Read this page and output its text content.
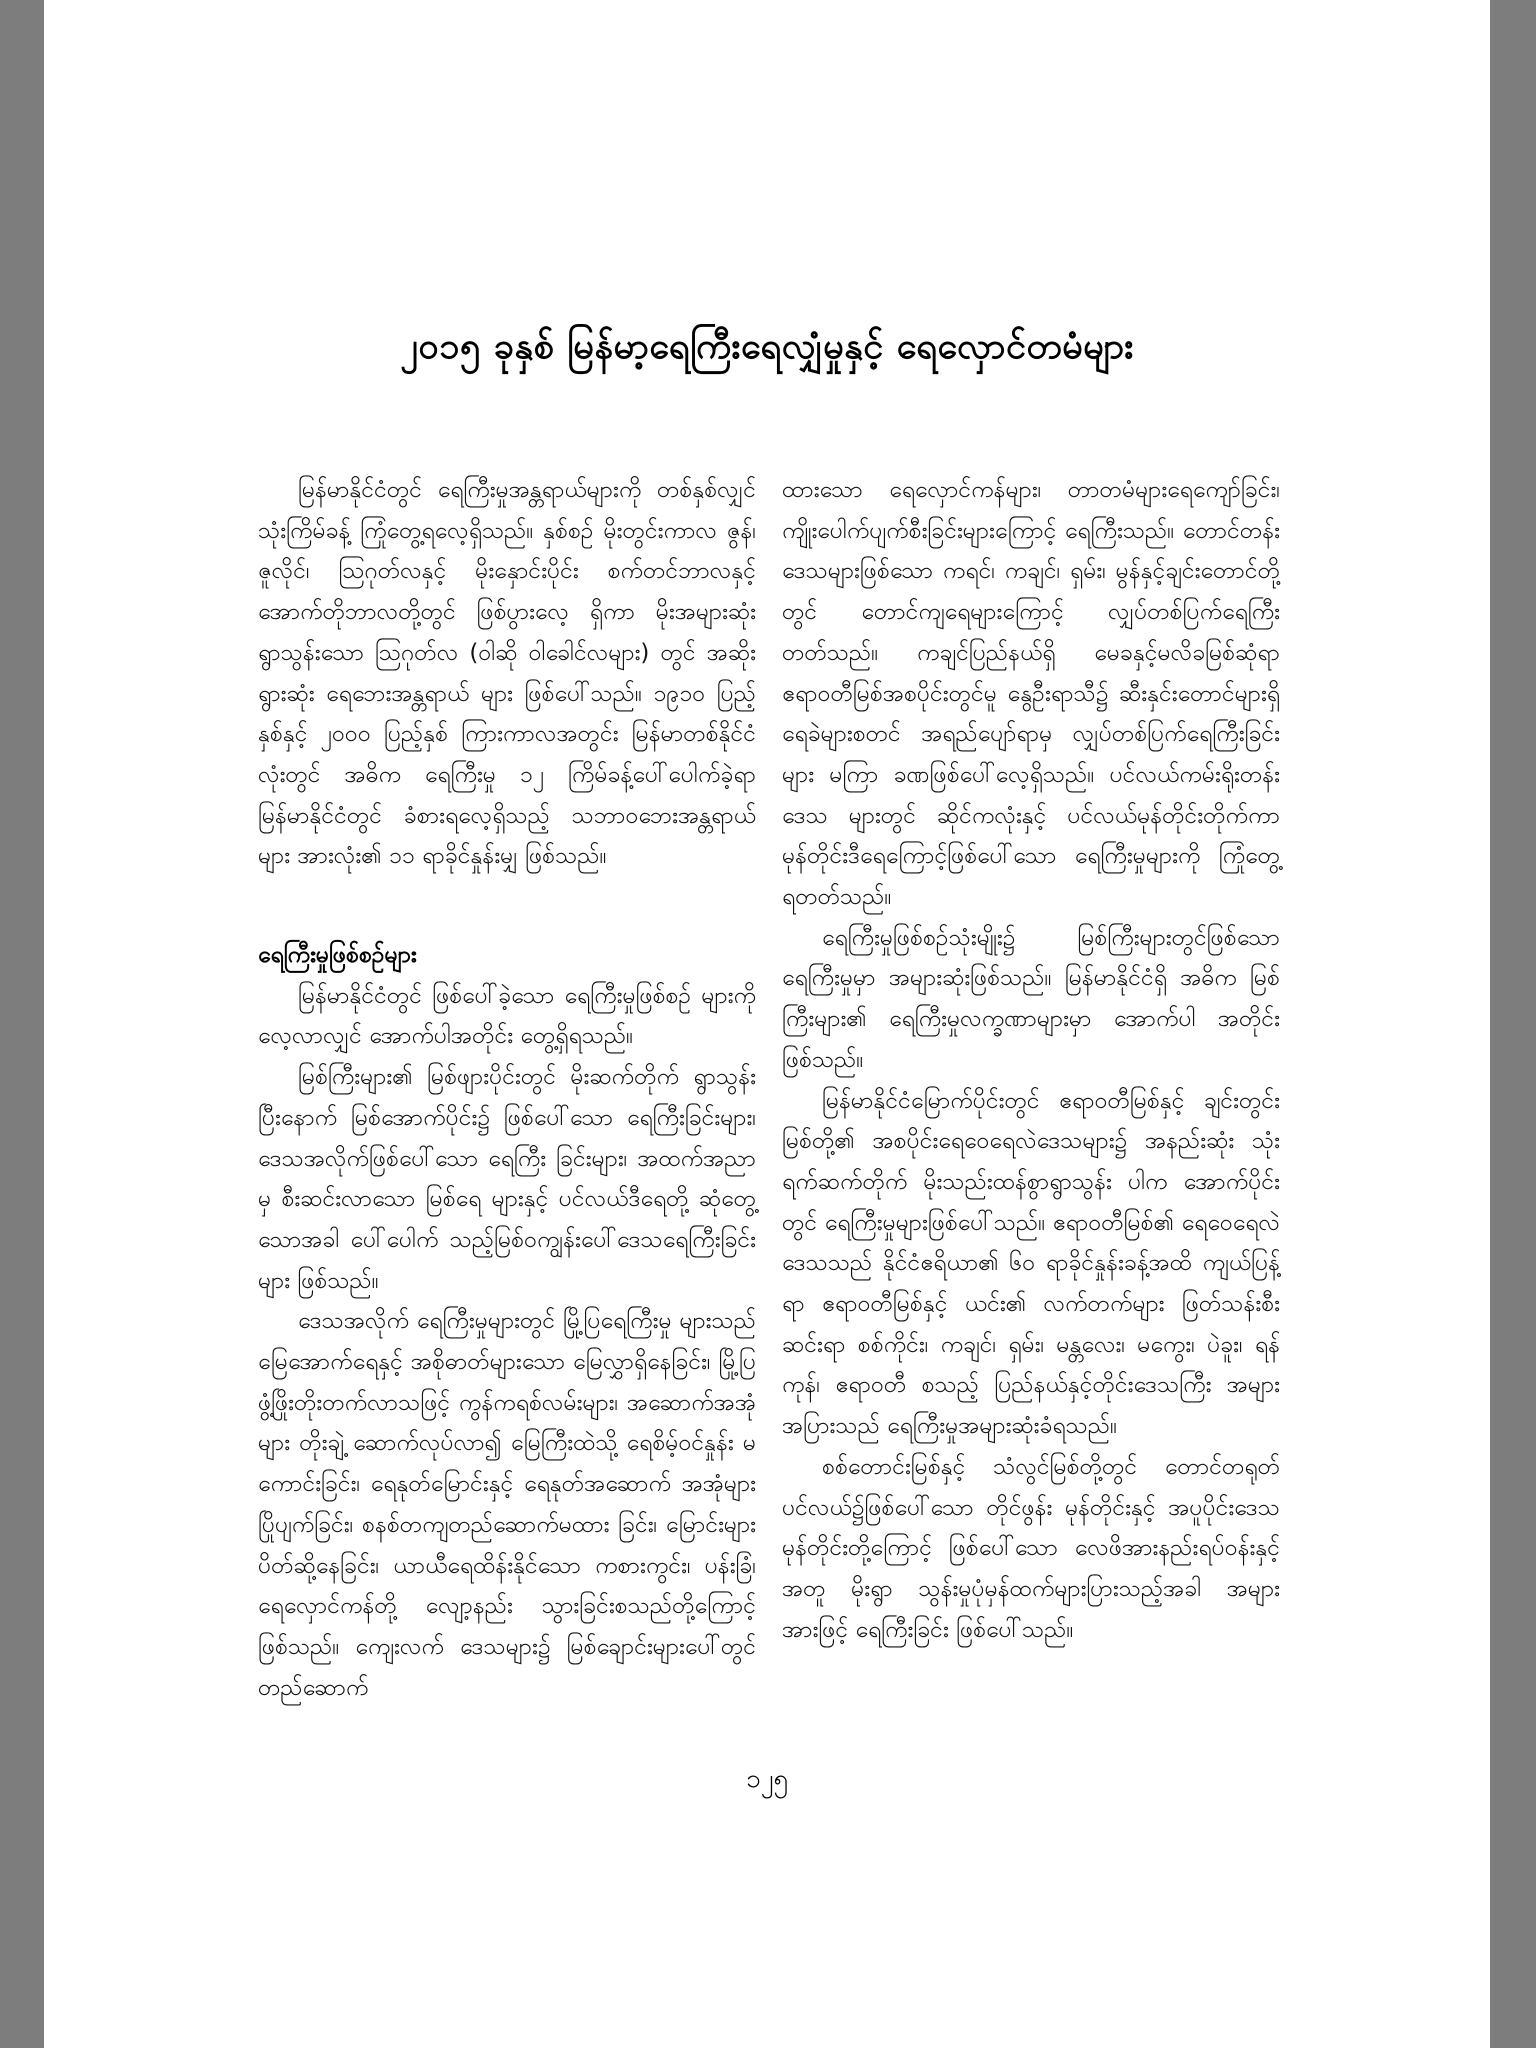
၂၀၁၅ ခုနှစ် မြန်မာ့ရေကြီးရေလျှံမှုနှင့် ရေလှောင်တမံများ

မြန်မာနိုင်ငံတွင် ရေကြီးမှုအန္တရာယ်များကို တစ်နှစ်လျှင် သုံးကြိမ်ခန့် ကြုံတွေ့ရလေ့ရှိသည်။ နှစ်စဉ် မိုးတွင်းကာလ ဇွန်၊ ဇူလိုင်၊ ဩဂုတ်လနှင့် မိုးနှောင်းပိုင်း စက်တင်ဘာလနှင့်အောက်တိုဘာလတို့တွင် ဖြစ်ပွားလေ့ ရှိကာ မိုးအများဆုံး ရွာသွန်းသော ဩဂုတ်လ (ဝါဆို ဝါခေါင်လများ) တွင် အဆိုးရွားဆုံး ရေဘေးအန္တရာယ် များ ဖြစ်ပေါ်သည်။ ၁၉၁၀ ပြည့်နှစ်နှင့် ၂၀၀၀ ပြည့်နှစ် ကြားကာလအတွင်း မြန်မာတစ်နိုင်ငံလုံးတွင် အဓိက ရေကြီးမှု ၁၂ ကြိမ်ခန့်ပေါ်ပေါက်ခဲ့ရာ မြန်မာနိုင်ငံတွင် ခံစားရလေ့ရှိသည့် သဘာဝဘေးအန္တရာယ်များ အားလုံး၏ ၁၁ ရာခိုင်နှုန်းမျှ ဖြစ်သည်။

ရေကြီးမှုဖြစ်စဉ်များ

မြန်မာနိုင်ငံတွင် ဖြစ်ပေါ်ခဲ့သော ရေကြီးမှုဖြစ်စဉ် များကို လေ့လာလျှင် အောက်ပါအတိုင်း တွေ့ရှိရသည်။

မြစ်ကြီးများ၏ မြစ်ဖျားပိုင်းတွင် မိုးဆက်တိုက် ရွာသွန်းပြီးနောက် မြစ်အောက်ပိုင်း၌ ဖြစ်ပေါ်သော ရေကြီးခြင်းများ၊ ဒေသအလိုက်ဖြစ်ပေါ်သော ရေကြီး ခြင်းများ၊ အထက်အညာမှ စီးဆင်းလာသော မြစ်ရေ များနှင့် ပင်လယ်ဒီရေတို့ ဆုံတွေ့သောအခါ ပေါ်ပေါက် သည့်မြစ်ဝကျွန်းပေါ်ဒေသရေကြီးခြင်းများ ဖြစ်သည်။

ဒေသအလိုက် ရေကြီးမှုများတွင် မြို့ပြရေကြီးမှု များသည် မြေအောက်ရေနှင့် အစိုဓာတ်များသော မြေလွှာရှိနေခြင်း၊ မြို့ပြဖွံ့ဖြိုးတိုးတက်လာသဖြင့် ကွန်ကရစ်လမ်းများ၊ အဆောက်အအုံများ တိုးချဲ့ ဆောက်လုပ်လာ၍ မြေကြီးထဲသို့ ရေစိမ့်ဝင်နှုန်း မကောင်းခြင်း၊ ရေနုတ်မြောင်းနှင့် ရေနုတ်အဆောက် အအုံများ ပြိုပျက်ခြင်း၊ စနစ်တကျတည်ဆောက်မထား ခြင်း၊ မြောင်းများ ပိတ်ဆို့နေခြင်း၊ ယာယီရေထိန်းနိုင်သော ကစားကွင်း၊ ပန်းခြံ၊ ရေလှောင်ကန်တို့ လျော့နည်း သွားခြင်းစသည်တို့ကြောင့် ဖြစ်သည်။ ကျေးလက် ဒေသများ၌ မြစ်ချောင်းများပေါ်တွင် တည်ဆောက်

ထားသော ရေလှောင်ကန်များ၊ တာတမံများရေကျော်ခြင်း၊ ကျိုးပေါက်ပျက်စီးခြင်းများကြောင့် ရေကြီးသည်။ တောင်တန်းဒေသများဖြစ်သော ကရင်၊ ကချင်၊ ရှမ်း၊ မွန်နှင့်ချင်းတောင်တို့တွင် တောင်ကျရေများကြောင့် လျှပ်တစ်ပြက်ရေကြီးတတ်သည်။ ကချင်ပြည်နယ်ရှိ မေခနှင့်မလိခမြစ်ဆုံရာ ဧရာဝတီမြစ်အစပိုင်းတွင်မူ နွေဦးရာသီ၌ ဆီးနှင်းတောင်များရှိ ရေခဲများစတင် အရည်ပျော်ရာမှ လျှပ်တစ်ပြက်ရေကြီးခြင်းများ မကြာ ခဏဖြစ်ပေါ်လေ့ရှိသည်။ ပင်လယ်ကမ်းရိုးတန်းဒေသ များတွင် ဆိုင်ကလုံးနှင့် ပင်လယ်မုန်တိုင်းတိုက်ကာ မုန်တိုင်းဒီရေကြောင့်ဖြစ်ပေါ်သော ရေကြီးမှုများကို ကြုံတွေ့ရတတ်သည်။

ရေကြီးမှုဖြစ်စဉ်သုံးမျိုး၌ မြစ်ကြီးများတွင်ဖြစ်သော ရေကြီးမှုမှာ အများဆုံးဖြစ်သည်။ မြန်မာနိုင်ငံရှိ အဓိက မြစ်ကြီးများ၏ ရေကြီးမှုလက္ခဏာများမှာ အောက်ပါ အတိုင်းဖြစ်သည်။

မြန်မာနိုင်ငံမြောက်ပိုင်းတွင် ဧရာဝတီမြစ်နှင့် ချင်းတွင်းမြစ်တို့၏ အစပိုင်းရေဝေရေလဲဒေသများ၌ အနည်းဆုံး သုံးရက်ဆက်တိုက် မိုးသည်းထန်စွာရွာသွန်း ပါက အောက်ပိုင်းတွင် ရေကြီးမှုများဖြစ်ပေါ်သည်။ ဧရာဝတီမြစ်၏ ရေဝေရေလဲဒေသသည် နိုင်ငံဧရိယာ၏ ၆၀ ရာခိုင်နှုန်းခန့်အထိ ကျယ်ပြန့်ရာ ဧရာဝတီမြစ်နှင့် ယင်း၏ လက်တက်များ ဖြတ်သန်းစီးဆင်းရာ စစ်ကိုင်း၊ ကချင်၊ ရှမ်း၊ မန္တလေး၊ မကွေး၊ ပဲခူး၊ ရန်ကုန်၊ ဧရာဝတီ စသည့် ပြည်နယ်နှင့်တိုင်းဒေသကြီး အများအပြားသည် ရေကြီးမှုအများဆုံးခံရသည်။

စစ်တောင်းမြစ်နှင့် သံလွင်မြစ်တို့တွင် တောင်တရုတ်ပင်လယ်၌ဖြစ်ပေါ်သော တိုင်ဖွန်း မုန်တိုင်းနှင့် အပူပိုင်းဒေသမုန်တိုင်းတို့ကြောင့် ဖြစ်ပေါ်သော လေဖိအားနည်းရပ်ဝန်းနှင့်အတူ မိုးရွာ သွန်းမှုပုံမှန်ထက်များပြားသည့်အခါ အများအားဖြင့် ရေကြီးခြင်း ဖြစ်ပေါ်သည်။

၁၂၅
